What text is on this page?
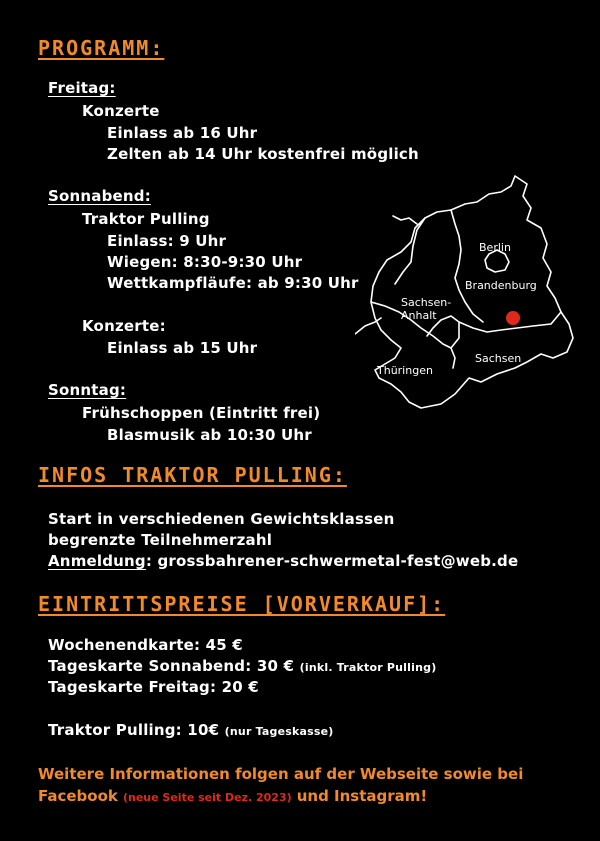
PROGRAMM:
Freitag:
Konzerte
Einlass ab 16 Uhr
Zelten ab 14 Uhr kostenfrei möglich
Sonnabend:
Traktor Pulling
Einlass: 9 Uhr
Wiegen: 8:30-9:30 Uhr
Wettkampfläufe: ab 9:30 Uhr
Konzerte:
Einlass ab 15 Uhr
Sonntag:
Frühschoppen (Eintritt frei)
Blasmusik ab 10:30 Uhr
Berlin
Brandenburg
Sachsen-
Anhalt
Sachsen
Thüringen
INFOS TRAKTOR PULLING:
Start in verschiedenen Gewichtsklassen
begrenzte Teilnehmerzahl
Anmeldung: grossbahrener-schwermetal-fest@web.de
EINTRITTSPREISE [VORVERKAUF]:
Wochenendkarte: 45 €
Tageskarte Sonnabend: 30 € (inkl. Traktor Pulling)
Tageskarte Freitag: 20 €
Traktor Pulling: 10€ (nur Tageskasse)
Weitere Informationen folgen auf der Webseite sowie bei
Facebook (neue Seite seit Dez. 2023) und Instagram!
